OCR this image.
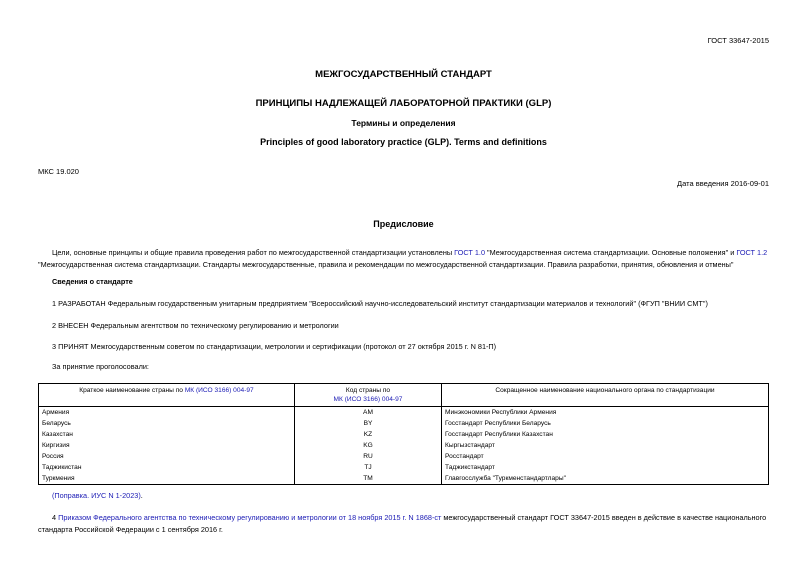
ГОСТ 33647-2015
МЕЖГОСУДАРСТВЕННЫЙ СТАНДАРТ
ПРИНЦИПЫ НАДЛЕЖАЩЕЙ ЛАБОРАТОРНОЙ ПРАКТИКИ (GLP)
Термины и определения
Principles of good laboratory practice (GLP). Terms and definitions
МКС 19.020
Дата введения 2016-09-01
Предисловие
Цели, основные принципы и общие правила проведения работ по межгосударственной стандартизации установлены ГОСТ 1.0 "Межгосударственная система стандартизации. Основные положения" и ГОСТ 1.2 "Межгосударственная система стандартизации. Стандарты межгосударственные, правила и рекомендации по межгосударственной стандартизации. Правила разработки, принятия, обновления и отмены"
Сведения о стандарте
1 РАЗРАБОТАН Федеральным государственным унитарным предприятием "Всероссийский научно-исследовательский институт стандартизации материалов и технологий" (ФГУП "ВНИИ СМТ")
2 ВНЕСЕН Федеральным агентством по техническому регулированию и метрологии
3 ПРИНЯТ Межгосударственным советом по стандартизации, метрологии и сертификации (протокол от 27 октября 2015 г. N 81-П)
За принятие проголосовали:
Краткое наименование страны по МК (ИСО 3166) 004-97	Код страны по
МК (ИСО 3166) 004-97	Сокращенное наименование национального органа по стандартизации
Армения	AM	Минэкономики Республики Армения
Беларусь	BY	Госстандарт Республики Беларусь
Казахстан	KZ	Госстандарт Республики Казахстан
Киргизия	KG	Кыргызстандарт
Россия	RU	Росстандарт
Таджикистан	TJ	Таджикстандарт
Туркмения	TM	Главгосслужба "Туркменстандартлары"
(Поправка. ИУС N 1-2023).
4 Приказом Федерального агентства по техническому регулированию и метрологии от 18 ноября 2015 г. N 1868-ст межгосударственный стандарт ГОСТ 33647-2015 введен в действие в качестве национального стандарта Российской Федерации с 1 сентября 2016 г.
